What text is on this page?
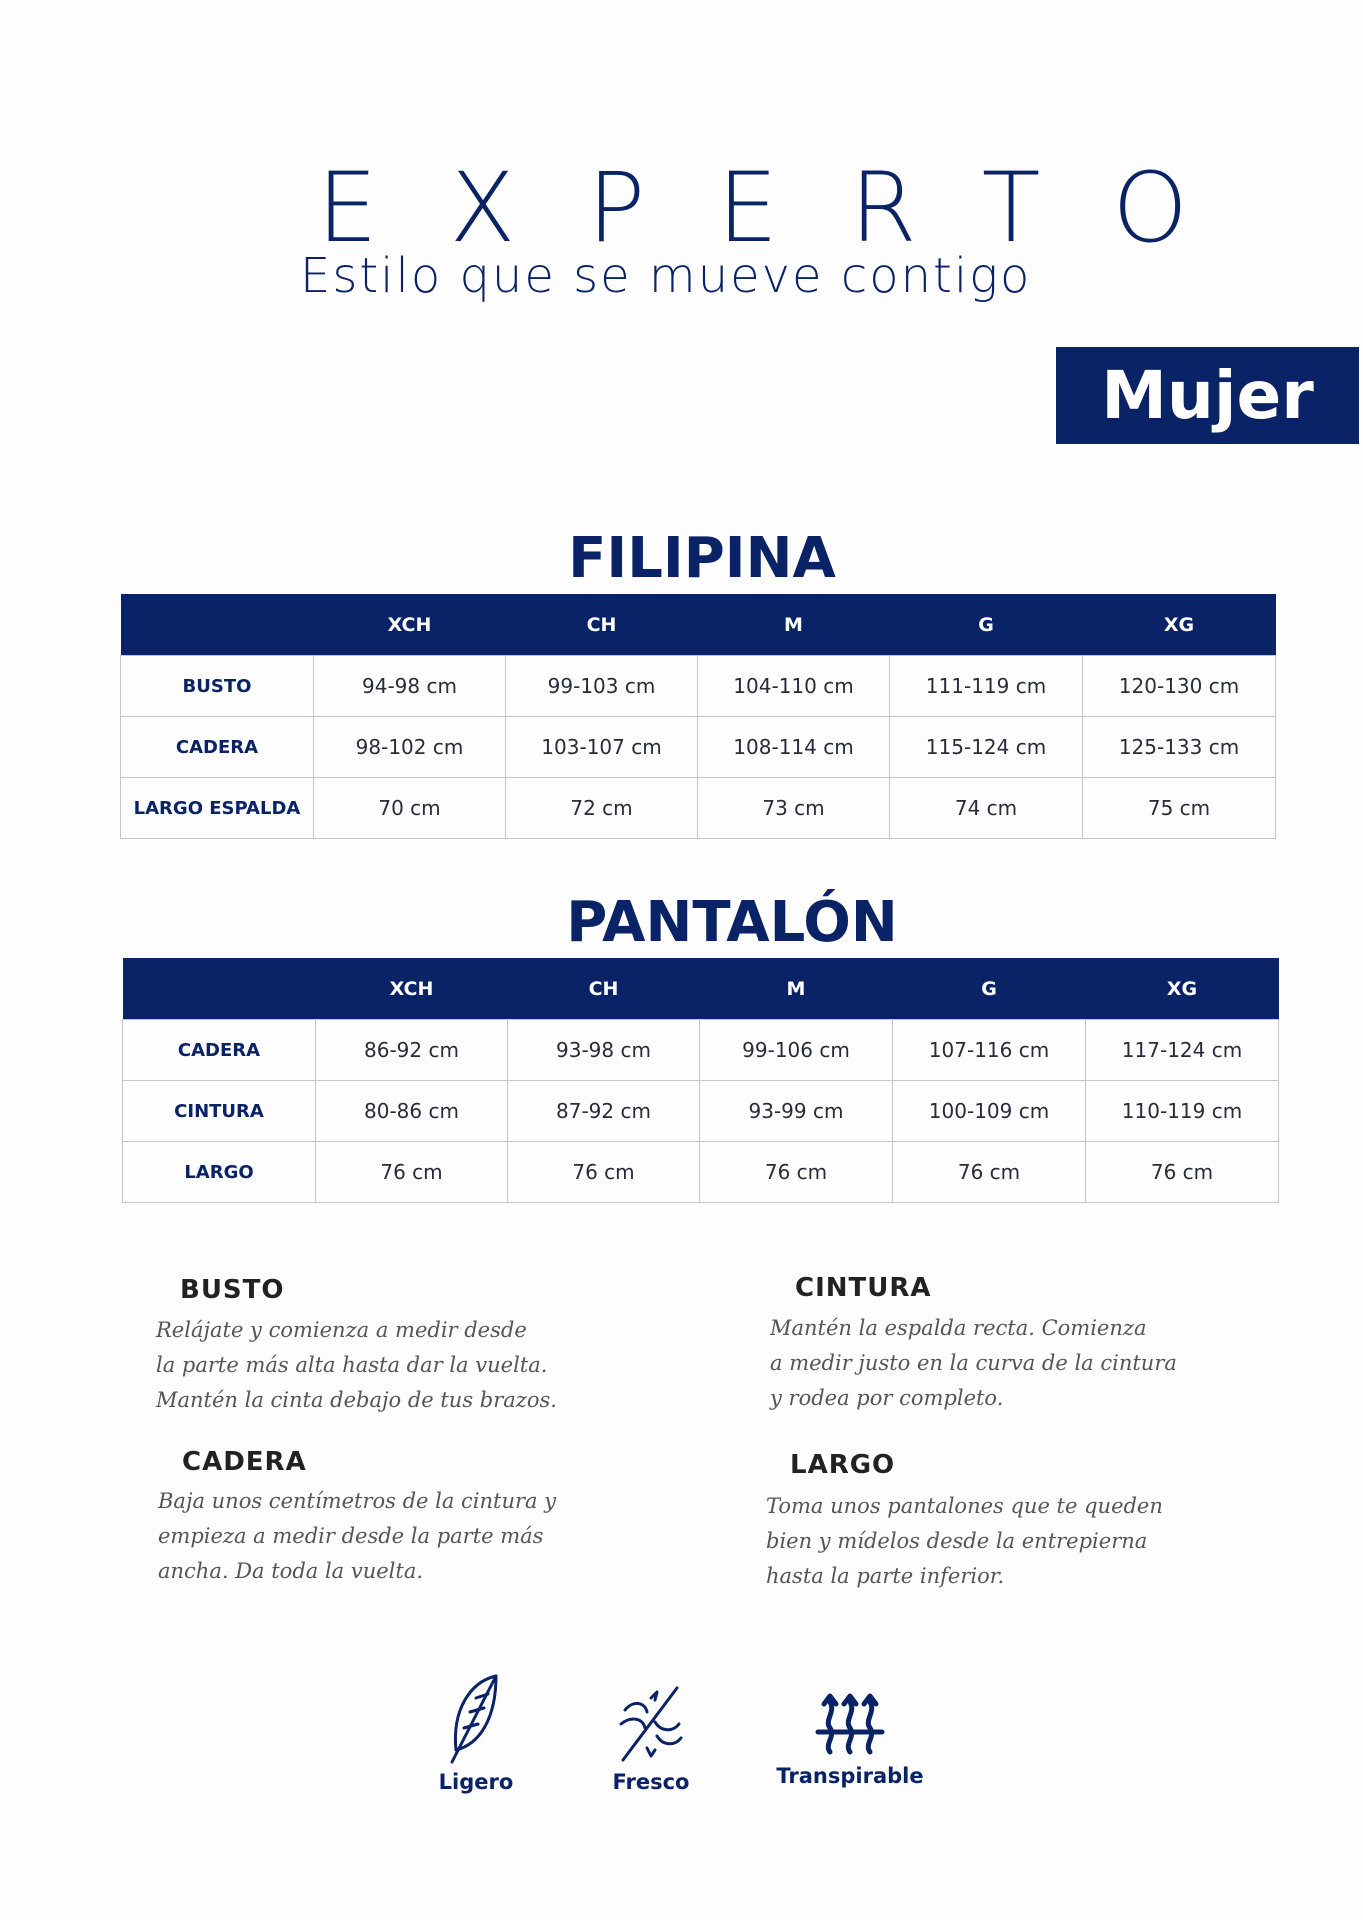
EXPERTO
Estilo que se mueve contigo
Mujer
FILIPINA
	XCH	CH	M	G	XG
BUSTO	94-98 cm	99-103 cm	104-110 cm	111-119 cm	120-130 cm
CADERA	98-102 cm	103-107 cm	108-114 cm	115-124 cm	125-133 cm
LARGO ESPALDA	70 cm	72 cm	73 cm	74 cm	75 cm
PANTALÓN
	XCH	CH	M	G	XG
CADERA	86-92 cm	93-98 cm	99-106 cm	107-116 cm	117-124 cm
CINTURA	80-86 cm	87-92 cm	93-99 cm	100-109 cm	110-119 cm
LARGO	76 cm	76 cm	76 cm	76 cm	76 cm
BUSTO

Relájate y comienza a medir desde
la parte más alta hasta dar la vuelta.
Mantén la cinta debajo de tus brazos.

CADERA

Baja unos centímetros de la cintura y
empieza a medir desde la parte más
ancha. Da toda la vuelta.

CINTURA

Mantén la espalda recta. Comienza
a medir justo en la curva de la cintura
y rodea por completo.

LARGO

Toma unos pantalones que te queden
bien y mídelos desde la entrepierna
hasta la parte inferior.

Ligero	Fresco	Transpirable
